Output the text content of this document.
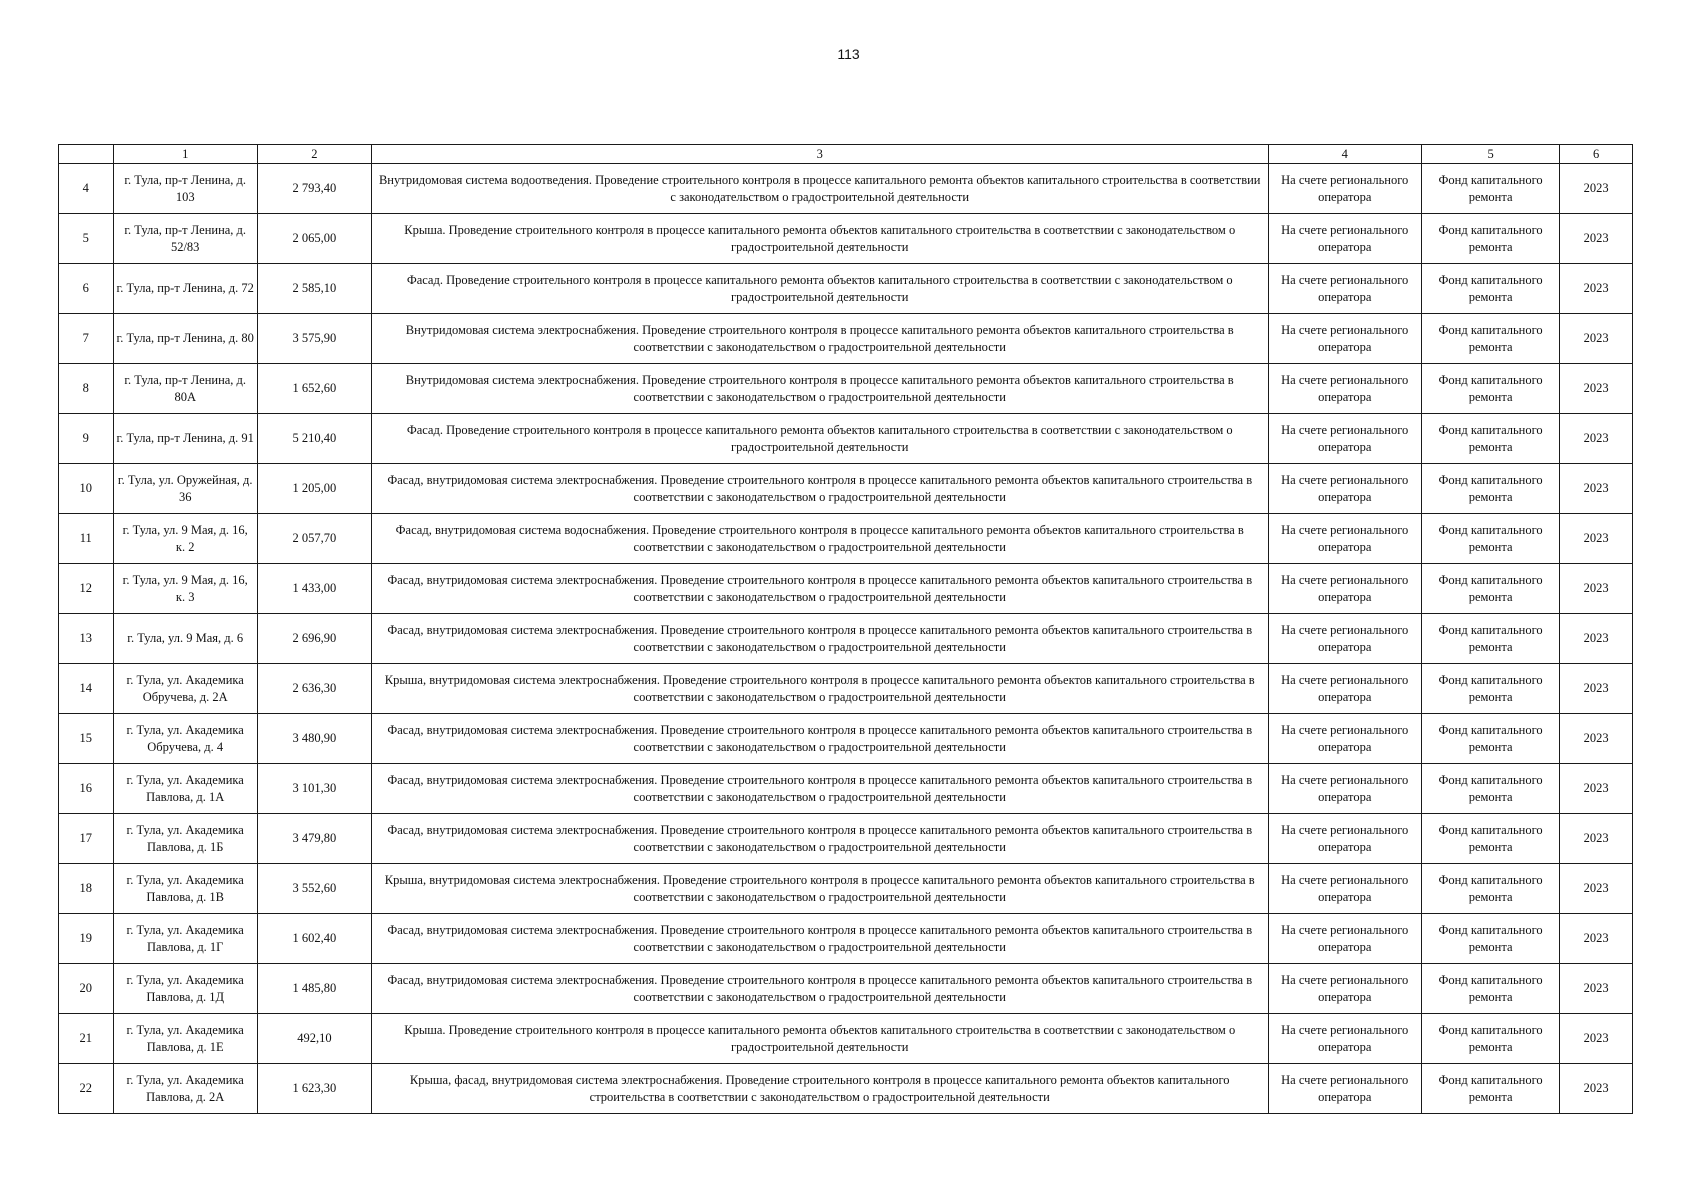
113
	1	2	3	4	5	6
4	г. Тула, пр-т Ленина, д. 103	2 793,40	Внутридомовая система водоотведения. Проведение строительного контроля в процессе капитального ремонта объектов капитального строительства в соответствии с законодательством о градостроительной деятельности	На счете регионального оператора	Фонд капитального ремонта	2023
5	г. Тула, пр-т Ленина, д. 52/83	2 065,00	Крыша. Проведение строительного контроля в процессе капитального ремонта объектов капитального строительства в соответствии с законодательством о градостроительной деятельности	На счете регионального оператора	Фонд капитального ремонта	2023
6	г. Тула, пр-т Ленина, д. 72	2 585,10	Фасад. Проведение строительного контроля в процессе капитального ремонта объектов капитального строительства в соответствии с законодательством о градостроительной деятельности	На счете регионального оператора	Фонд капитального ремонта	2023
7	г. Тула, пр-т Ленина, д. 80	3 575,90	Внутридомовая система электроснабжения. Проведение строительного контроля в процессе капитального ремонта объектов капитального строительства в соответствии с законодательством о градостроительной деятельности	На счете регионального оператора	Фонд капитального ремонта	2023
8	г. Тула, пр-т Ленина, д. 80А	1 652,60	Внутридомовая система электроснабжения. Проведение строительного контроля в процессе капитального ремонта объектов капитального строительства в соответствии с законодательством о градостроительной деятельности	На счете регионального оператора	Фонд капитального ремонта	2023
9	г. Тула, пр-т Ленина, д. 91	5 210,40	Фасад. Проведение строительного контроля в процессе капитального ремонта объектов капитального строительства в соответствии с законодательством о градостроительной деятельности	На счете регионального оператора	Фонд капитального ремонта	2023
10	г. Тула, ул. Оружейная, д. 36	1 205,00	Фасад, внутридомовая система электроснабжения. Проведение строительного контроля в процессе капитального ремонта объектов капитального строительства в соответствии с законодательством о градостроительной деятельности	На счете регионального оператора	Фонд капитального ремонта	2023
11	г. Тула, ул. 9 Мая, д. 16, к. 2	2 057,70	Фасад, внутридомовая система водоснабжения. Проведение строительного контроля в процессе капитального ремонта объектов капитального строительства в соответствии с законодательством о градостроительной деятельности	На счете регионального оператора	Фонд капитального ремонта	2023
12	г. Тула, ул. 9 Мая, д. 16, к. 3	1 433,00	Фасад, внутридомовая система электроснабжения. Проведение строительного контроля в процессе капитального ремонта объектов капитального строительства в соответствии с законодательством о градостроительной деятельности	На счете регионального оператора	Фонд капитального ремонта	2023
13	г. Тула, ул. 9 Мая, д. 6	2 696,90	Фасад, внутридомовая система электроснабжения. Проведение строительного контроля в процессе капитального ремонта объектов капитального строительства в соответствии с законодательством о градостроительной деятельности	На счете регионального оператора	Фонд капитального ремонта	2023
14	г. Тула, ул. Академика Обручева, д. 2А	2 636,30	Крыша, внутридомовая система электроснабжения. Проведение строительного контроля в процессе капитального ремонта объектов капитального строительства в соответствии с законодательством о градостроительной деятельности	На счете регионального оператора	Фонд капитального ремонта	2023
15	г. Тула, ул. Академика Обручева, д. 4	3 480,90	Фасад, внутридомовая система электроснабжения. Проведение строительного контроля в процессе капитального ремонта объектов капитального строительства в соответствии с законодательством о градостроительной деятельности	На счете регионального оператора	Фонд капитального ремонта	2023
16	г. Тула, ул. Академика Павлова, д. 1А	3 101,30	Фасад, внутридомовая система электроснабжения. Проведение строительного контроля в процессе капитального ремонта объектов капитального строительства в соответствии с законодательством о градостроительной деятельности	На счете регионального оператора	Фонд капитального ремонта	2023
17	г. Тула, ул. Академика Павлова, д. 1Б	3 479,80	Фасад, внутридомовая система электроснабжения. Проведение строительного контроля в процессе капитального ремонта объектов капитального строительства в соответствии с законодательством о градостроительной деятельности	На счете регионального оператора	Фонд капитального ремонта	2023
18	г. Тула, ул. Академика Павлова, д. 1В	3 552,60	Крыша, внутридомовая система электроснабжения. Проведение строительного контроля в процессе капитального ремонта объектов капитального строительства в соответствии с законодательством о градостроительной деятельности	На счете регионального оператора	Фонд капитального ремонта	2023
19	г. Тула, ул. Академика Павлова, д. 1Г	1 602,40	Фасад, внутридомовая система электроснабжения. Проведение строительного контроля в процессе капитального ремонта объектов капитального строительства в соответствии с законодательством о градостроительной деятельности	На счете регионального оператора	Фонд капитального ремонта	2023
20	г. Тула, ул. Академика Павлова, д. 1Д	1 485,80	Фасад, внутридомовая система электроснабжения. Проведение строительного контроля в процессе капитального ремонта объектов капитального строительства в соответствии с законодательством о градостроительной деятельности	На счете регионального оператора	Фонд капитального ремонта	2023
21	г. Тула, ул. Академика Павлова, д. 1Е	492,10	Крыша. Проведение строительного контроля в процессе капитального ремонта объектов капитального строительства в соответствии с законодательством о градостроительной деятельности	На счете регионального оператора	Фонд капитального ремонта	2023
22	г. Тула, ул. Академика Павлова, д. 2А	1 623,30	Крыша, фасад, внутридомовая система электроснабжения. Проведение строительного контроля в процессе капитального ремонта объектов капитального строительства в соответствии с законодательством о градостроительной деятельности	На счете регионального оператора	Фонд капитального ремонта	2023
